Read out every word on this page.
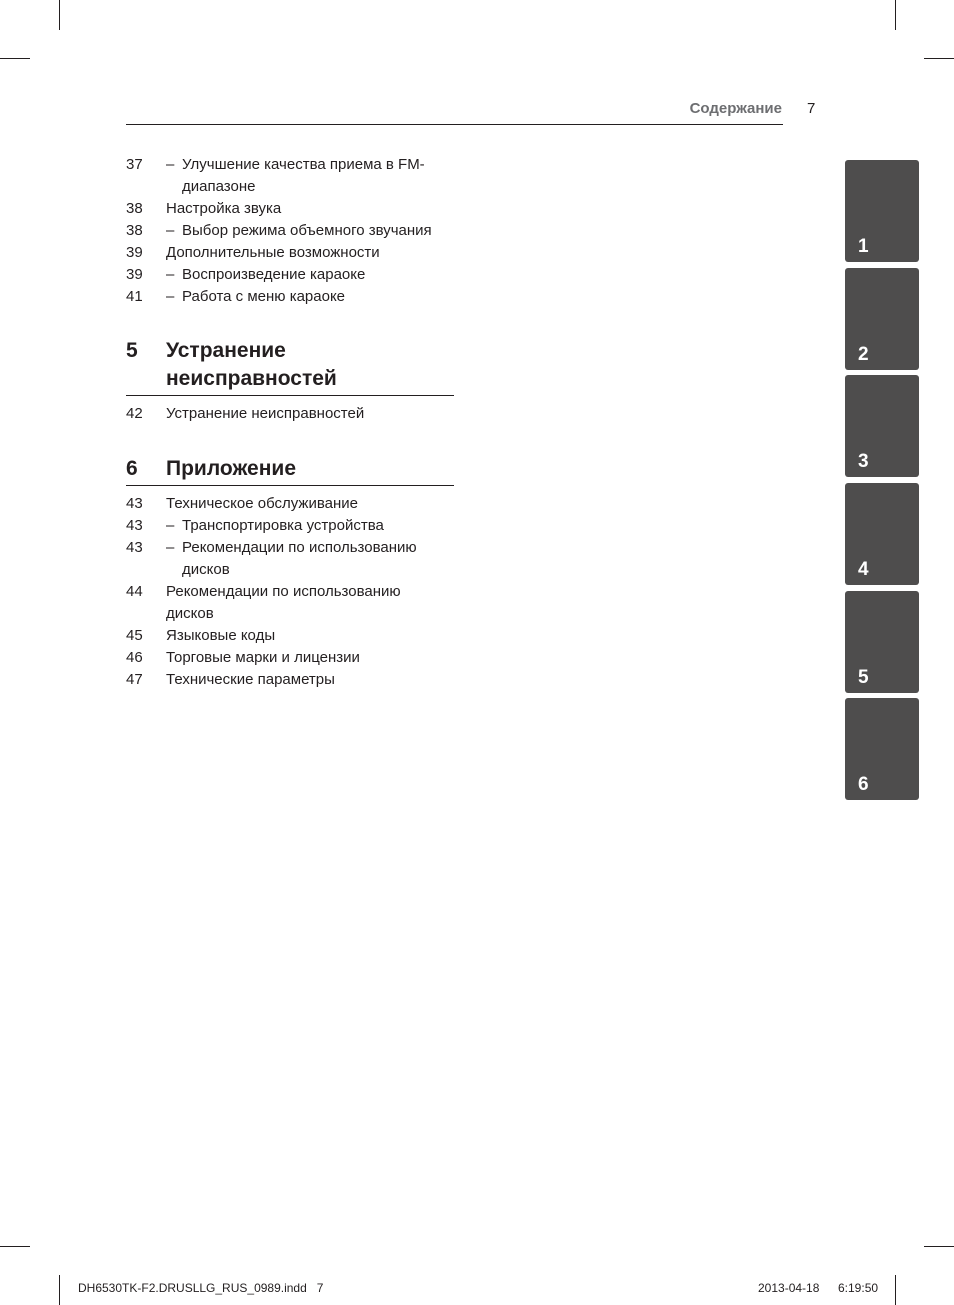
Содержание 7
37 – Улучшение качества приема в FM-
диапазоне
38 Настройка звука
38 – Выбор режима объемного звучания
39 Дополнительные возможности
39 – Воспроизведение караоке
41 – Работа с меню караоке
5	Устранение
неисправностей
42 Устранение неисправностей
6	Приложение
43 Техническое обслуживание
43 – Транспортировка устройства
43 – Рекомендации по использованию
дисков
44 Рекомендации по использованию
дисков
45 Языковые коды
46 Торговые марки и лицензии
47 Технические параметры
1
2
3
4
5
6
DH6530TK-F2.DRUSLLG_RUS_0989.indd   7	2013-04-18 6:19:50
